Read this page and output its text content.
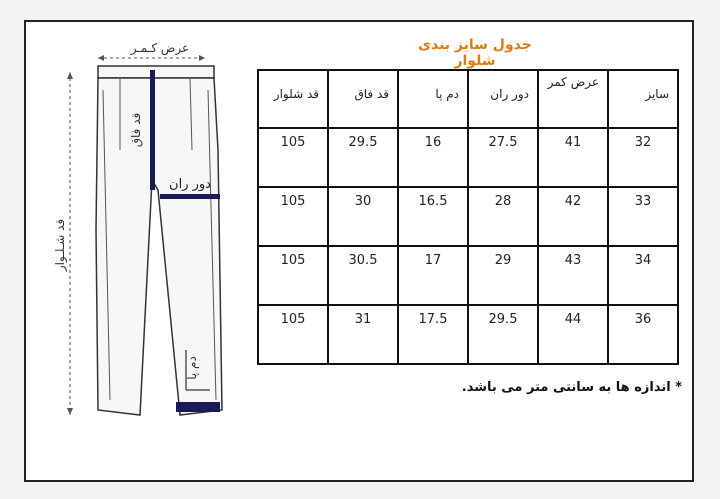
عرض کـمـر
قد شـلـوار
قد فاق
دور ران
دم پا
جدول سایز بندی شلوار
قد شلوار	قد فاق	دم پا	دور ران	عرض کمر	سایز

105	29.5	16	27.5	41	32
105	30	16.5	28	42	33
105	30.5	17	29	43	34
105	31	17.5	29.5	44	36
* اندازه ها به سانتی متر می باشد.
